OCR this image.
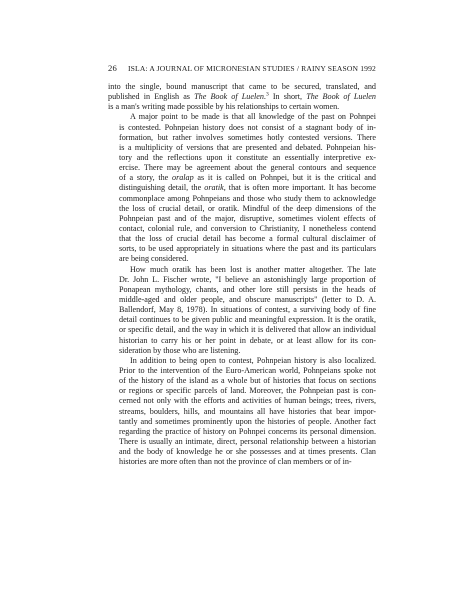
26	ISLA: A JOURNAL OF MICRONESIAN STUDIES / RAINY SEASON 1992

into the single, bound manuscript that came to be secured, translated, and
published in English as The Book of Luelen.$^3$ In short, The Book of Luelen
is a man's writing made possible by his relationships to certain women.

A major point to be made is that all knowledge of the past on Pohnpei
is contested. Pohnpeian history does not consist of a stagnant body of in-
formation, but rather involves sometimes hotly contested versions. There
is a multiplicity of versions that are presented and debated. Pohnpeian his-
tory and the reflections upon it constitute an essentially interpretive ex-
ercise. There may be agreement about the general contours and sequence
of a story, the oralap as it is called on Pohnpei, but it is the critical and
distinguishing detail, the oratik, that is often more important. It has become
commonplace among Pohnpeians and those who study them to acknowledge
the loss of crucial detail, or oratik. Mindful of the deep dimensions of the
Pohnpeian past and of the major, disruptive, sometimes violent effects of
contact, colonial rule, and conversion to Christianity, I nonetheless contend
that the loss of crucial detail has become a formal cultural disclaimer of
sorts, to be used appropriately in situations where the past and its particulars
are being considered.

How much oratik has been lost is another matter altogether. The late
Dr. John L. Fischer wrote, "I believe an astonishingly large proportion of
Ponapean mythology, chants, and other lore still persists in the heads of
middle-aged and older people, and obscure manuscripts" (letter to D. A.
Ballendorf, May 8, 1978). In situations of contest, a surviving body of fine
detail continues to be given public and meaningful expression. It is the oratik,
or specific detail, and the way in which it is delivered that allow an individual
historian to carry his or her point in debate, or at least allow for its con-
sideration by those who are listening.

In addition to being open to contest, Pohnpeian history is also localized.
Prior to the intervention of the Euro-American world, Pohnpeians spoke not
of the history of the island as a whole but of histories that focus on sections
or regions or specific parcels of land. Moreover, the Pohnpeian past is con-
cerned not only with the efforts and activities of human beings; trees, rivers,
streams, boulders, hills, and mountains all have histories that bear impor-
tantly and sometimes prominently upon the histories of people. Another fact
regarding the practice of history on Pohnpei concerns its personal dimension.
There is usually an intimate, direct, personal relationship between a historian
and the body of knowledge he or she possesses and at times presents. Clan
histories are more often than not the province of clan members or of in-
